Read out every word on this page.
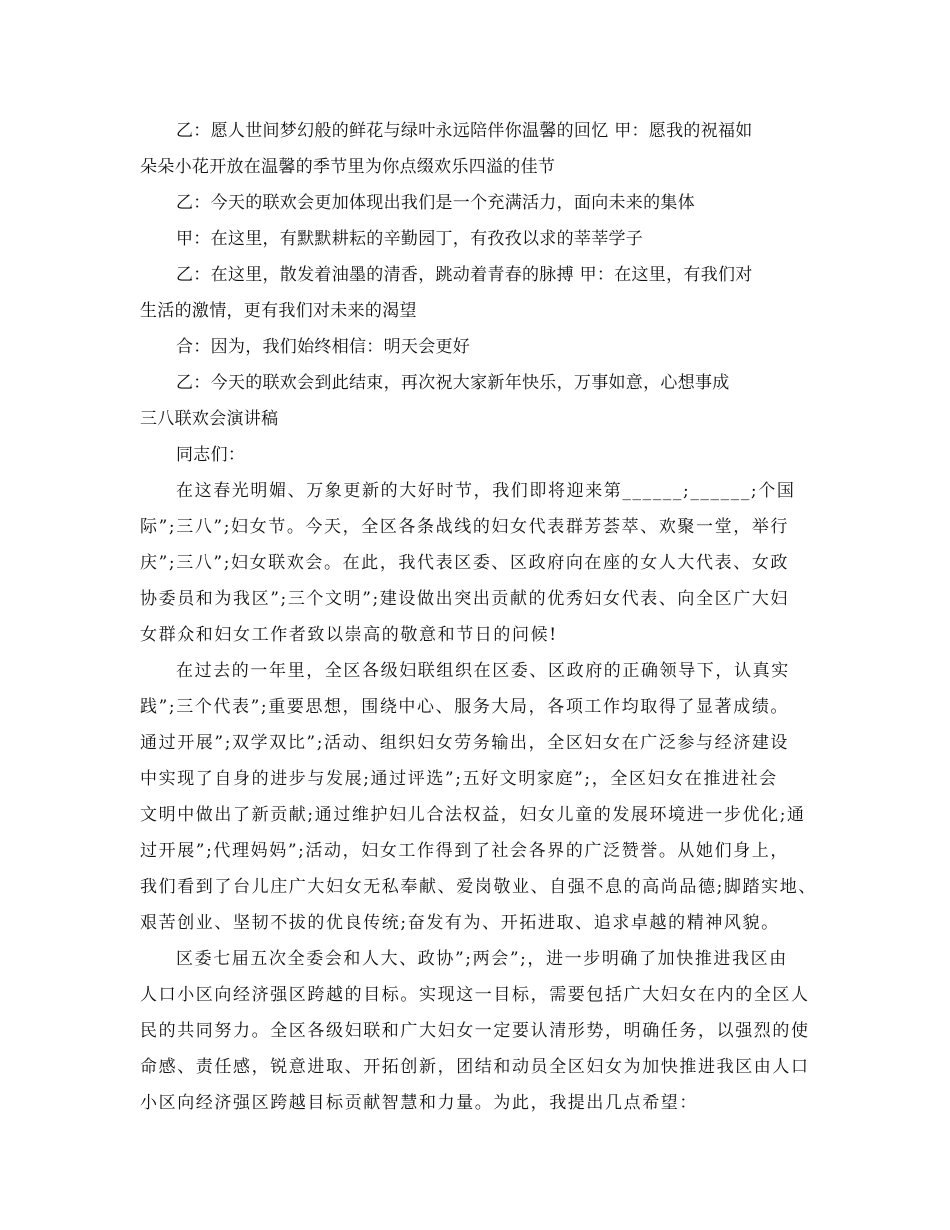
乙：愿人世间梦幻般的鲜花与绿叶永远陪伴你温馨的回忆 甲：愿我的祝福如
朵朵小花开放在温馨的季节里为你点缀欢乐四溢的佳节
乙：今天的联欢会更加体现出我们是一个充满活力，面向未来的集体
甲：在这里，有默默耕耘的辛勤园丁，有孜孜以求的莘莘学子
乙：在这里，散发着油墨的清香，跳动着青春的脉搏 甲：在这里，有我们对
生活的激情，更有我们对未来的渴望
合：因为，我们始终相信：明天会更好
乙：今天的联欢会到此结束，再次祝大家新年快乐，万事如意，心想事成
三八联欢会演讲稿
同志们：
在这春光明媚、万象更新的大好时节，我们即将迎来第______;______;个国
际”;三八”;妇女节。今天，全区各条战线的妇女代表群芳荟萃、欢聚一堂，举行
庆”;三八”;妇女联欢会。在此，我代表区委、区政府向在座的女人大代表、女政
协委员和为我区”;三个文明”;建设做出突出贡献的优秀妇女代表、向全区广大妇
女群众和妇女工作者致以崇高的敬意和节日的问候!
在过去的一年里，全区各级妇联组织在区委、区政府的正确领导下，认真实
践”;三个代表”;重要思想，围绕中心、服务大局，各项工作均取得了显著成绩。
通过开展”;双学双比”;活动、组织妇女劳务输出，全区妇女在广泛参与经济建设
中实现了自身的进步与发展;通过评选”;五好文明家庭”;，全区妇女在推进社会
文明中做出了新贡献;通过维护妇儿合法权益，妇女儿童的发展环境进一步优化;通
过开展”;代理妈妈”;活动，妇女工作得到了社会各界的广泛赞誉。从她们身上，
我们看到了台儿庄广大妇女无私奉献、爱岗敬业、自强不息的高尚品德;脚踏实地、
艰苦创业、坚韧不拔的优良传统;奋发有为、开拓进取、追求卓越的精神风貌。
区委七届五次全委会和人大、政协”;两会”;，进一步明确了加快推进我区由
人口小区向经济强区跨越的目标。实现这一目标，需要包括广大妇女在内的全区人
民的共同努力。全区各级妇联和广大妇女一定要认清形势，明确任务，以强烈的使
命感、责任感，锐意进取、开拓创新，团结和动员全区妇女为加快推进我区由人口
小区向经济强区跨越目标贡献智慧和力量。为此，我提出几点希望：
